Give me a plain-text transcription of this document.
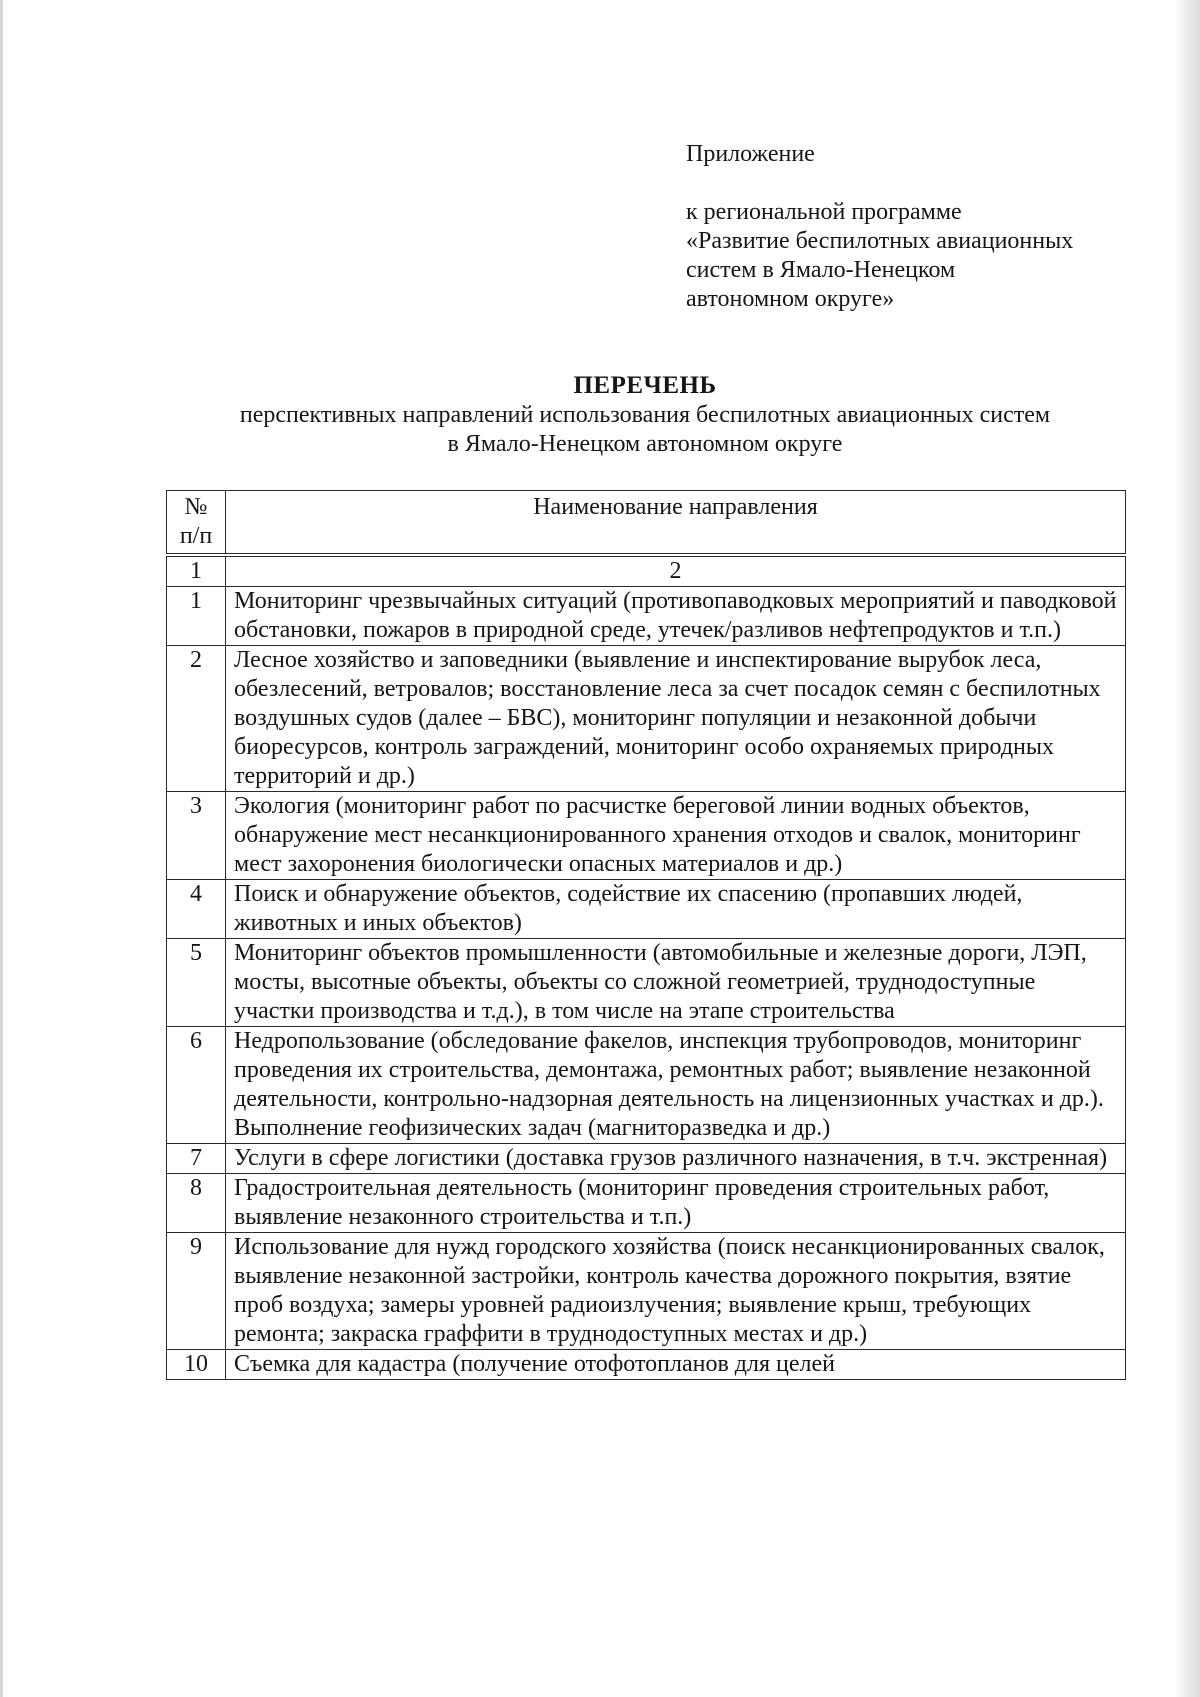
Приложение
к региональной программе
«Развитие беспилотных авиационных
систем в Ямало-Ненецком
автономном округе»
ПЕРЕЧЕНЬ
перспективных направлений использования беспилотных авиационных систем
в Ямало-Ненецком автономном округе
№
п/п	Наименование направления
1	2
1	Мониторинг чрезвычайных ситуаций (противопаводковых мероприятий и паводковой обстановки, пожаров в природной среде, утечек/разливов нефтепродуктов и т.п.)
2	Лесное хозяйство и заповедники (выявление и инспектирование вырубок леса, обезлесений, ветровалов; восстановление леса за счет посадок семян с беспилотных воздушных судов (далее – БВС), мониторинг популяции и незаконной добычи биоресурсов, контроль заграждений, мониторинг особо охраняемых природных территорий и др.)
3	Экология (мониторинг работ по расчистке береговой линии водных объектов, обнаружение мест несанкционированного хранения отходов и свалок, мониторинг мест захоронения биологически опасных материалов и др.)
4	Поиск и обнаружение объектов, содействие их спасению (пропавших людей, животных и иных объектов)
5	Мониторинг объектов промышленности (автомобильные и железные дороги, ЛЭП, мосты, высотные объекты, объекты со сложной геометрией, труднодоступные участки производства и т.д.), в том числе на этапе строительства
6	Недропользование (обследование факелов, инспекция трубопроводов, мониторинг проведения их строительства, демонтажа, ремонтных работ; выявление незаконной деятельности, контрольно-надзорная деятельность на лицензионных участках и др.). Выполнение геофизических задач (магниторазведка и др.)
7	Услуги в сфере логистики (доставка грузов различного назначения, в т.ч. экстренная)
8	Градостроительная деятельность (мониторинг проведения строительных работ, выявление незаконного строительства и т.п.)
9	Использование для нужд городского хозяйства (поиск несанкционированных свалок, выявление незаконной застройки, контроль качества дорожного покрытия, взятие проб воздуха; замеры уровней радиоизлучения; выявление крыш, требующих ремонта; закраска граффити в труднодоступных местах и др.)
10	Съемка для кадастра (получение отофотопланов для целей
